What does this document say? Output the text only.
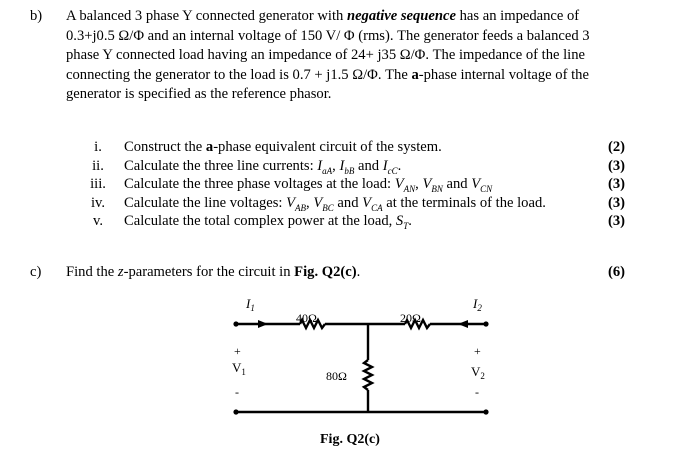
b) A balanced 3 phase Y connected generator with negative sequence has an impedance of
0.3+j0.5 Ω/Φ and an internal voltage of 150 V/ Φ (rms). The generator feeds a balanced 3
phase Y connected load having an impedance of 24+ j35 Ω/Φ. The impedance of the line
connecting the generator to the load is 0.7 + j1.5 Ω/Φ. The a-phase internal voltage of the
generator is specified as the reference phasor.
i.	Construct the a-phase equivalent circuit of the system.	(2)
ii.	Calculate the three line currents: $I_{aA}$, $I_{bB}$ and $I_{cC}$.	(3)
iii.	Calculate the three phase voltages at the load: $V_{AN}$, $V_{BN}$ and $V_{CN}$	(3)
iv.	Calculate the line voltages: $V_{AB}$, $V_{BC}$ and $V_{CA}$ at the terminals of the load.	(3)
v.	Calculate the total complex power at the load, $S_T$.	(3)
c) Find the z-parameters for the circuit in Fig. Q2(c).	(6)
$I_1$	$I_2$
40Ω	20Ω
80Ω
+
$V_1$
-
+
$V_2$
-
Fig. Q2(c)
